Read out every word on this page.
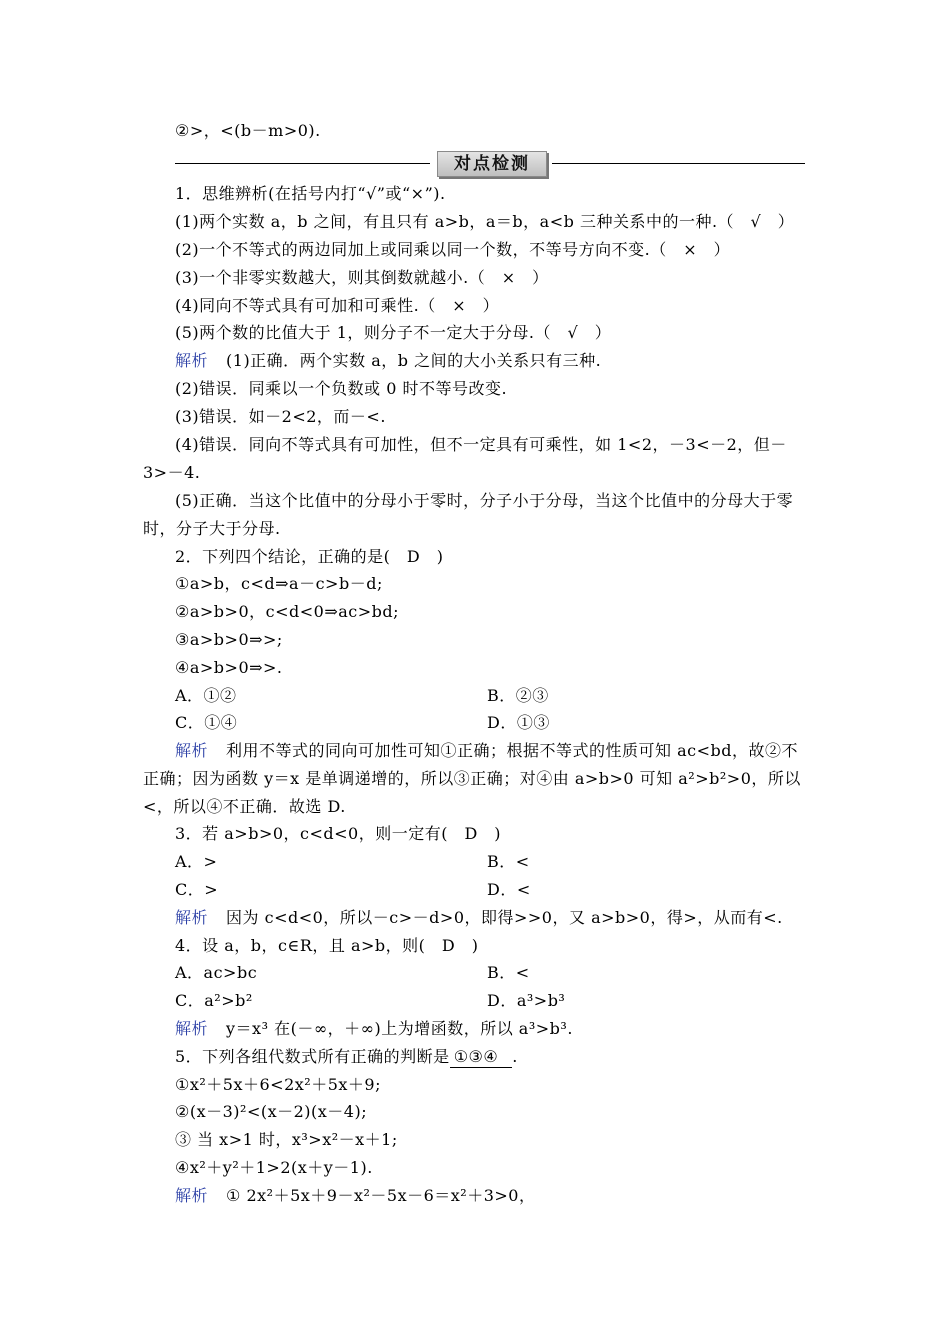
②>，<(b－m>0).
对点检测
1．思维辨析(在括号内打“√”或“×”).
(1)两个实数 a，b 之间，有且只有 a>b，a＝b，a<b 三种关系中的一种.（　√　）
(2)一个不等式的两边同加上或同乘以同一个数，不等号方向不变.（　×　）
(3)一个非零实数越大，则其倒数就越小.（　×　）
(4)同向不等式具有可加和可乘性.（　×　）
(5)两个数的比值大于 1，则分子不一定大于分母.（　√　）
解析 (1)正确．两个实数 a，b 之间的大小关系只有三种.
(2)错误．同乘以一个负数或 0 时不等号改变.
(3)错误．如－2<2，而－<.
(4)错误．同向不等式具有可加性，但不一定具有可乘性，如 1<2，－3<－2，但－
3>－4.
(5)正确．当这个比值中的分母小于零时，分子小于分母，当这个比值中的分母大于零
时，分子大于分母.
2．下列四个结论，正确的是(　D　)
①a>b，c<d⇒a－c>b－d;
②a>b>0，c<d<0⇒ac>bd;
③a>b>0⇒>;
④a>b>0⇒>.
A．①②	B．②③
C．①④	D．①③
解析 利用不等式的同向可加性可知①正确；根据不等式的性质可知 ac<bd，故②不
正确；因为函数 y＝x 是单调递增的，所以③正确；对④由 a>b>0 可知 a²>b²>0，所以
<，所以④不正确．故选 D.
3．若 a>b>0，c<d<0，则一定有(　D　)
A．>	B．<
C．>	D．<
解析 因为 c<d<0，所以－c>－d>0，即得>>0，又 a>b>0，得>，从而有<.
4．设 a，b，c∈R，且 a>b，则(　D　)
A．ac>bc	B．<
C．a²>b²	D．a³>b³
解析 y＝x³ 在(－∞，＋∞)上为增函数，所以 a³>b³.
5．下列各组代数式所有正确的判断是 ①③④ .
①x²＋5x＋6<2x²＋5x＋9;
②(x－3)²<(x－2)(x－4);
③ 当 x>1 时，x³>x²－x＋1;
④x²＋y²＋1>2(x＋y－1).
解析 ① 2x²＋5x＋9－x²－5x－6＝x²＋3>0，
